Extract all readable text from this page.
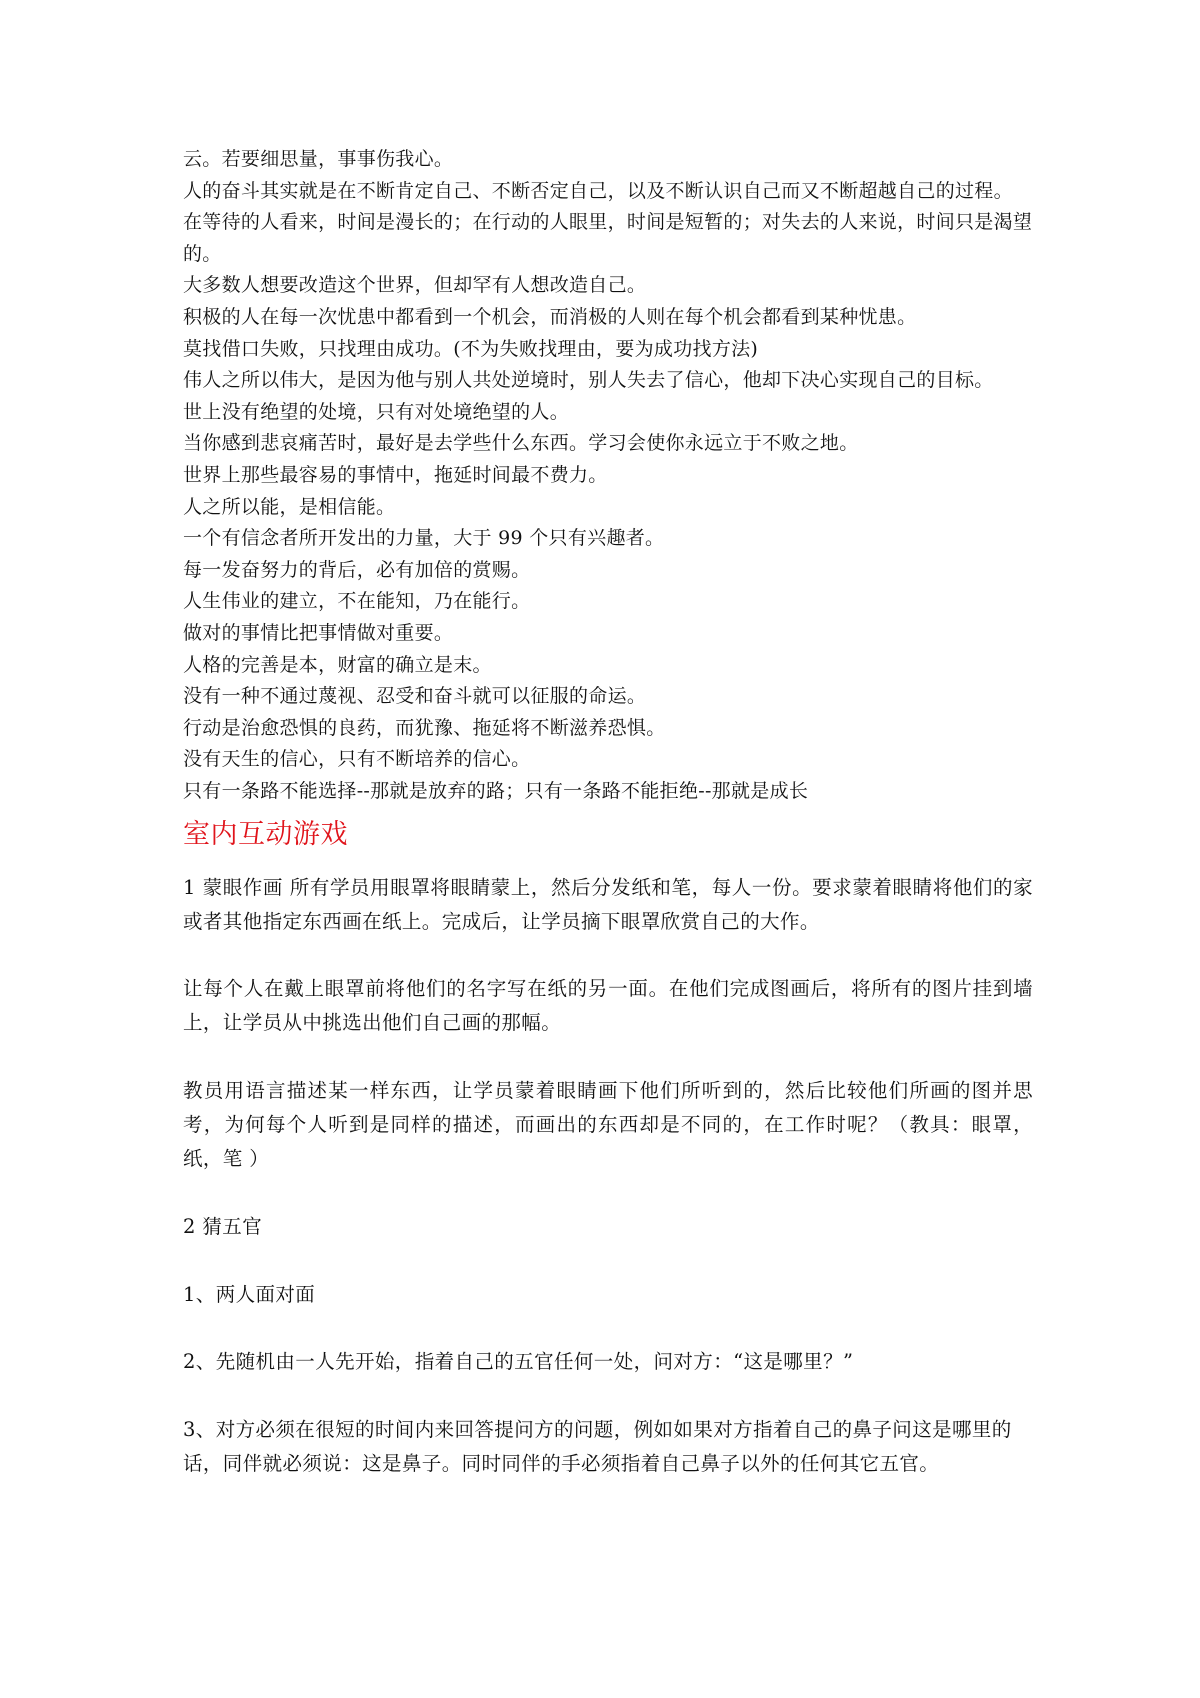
云。若要细思量，事事伤我心。
人的奋斗其实就是在不断肯定自己、不断否定自己，以及不断认识自己而又不断超越自己的过程。
在等待的人看来，时间是漫长的；在行动的人眼里，时间是短暂的；对失去的人来说，时间只是渴望的。
大多数人想要改造这个世界，但却罕有人想改造自己。
积极的人在每一次忧患中都看到一个机会，而消极的人则在每个机会都看到某种忧患。
莫找借口失败，只找理由成功。(不为失败找理由，要为成功找方法)
伟人之所以伟大，是因为他与别人共处逆境时，别人失去了信心，他却下决心实现自己的目标。
世上没有绝望的处境，只有对处境绝望的人。
当你感到悲哀痛苦时，最好是去学些什么东西。学习会使你永远立于不败之地。
世界上那些最容易的事情中，拖延时间最不费力。
人之所以能，是相信能。
一个有信念者所开发出的力量，大于 99 个只有兴趣者。
每一发奋努力的背后，必有加倍的赏赐。
人生伟业的建立，不在能知，乃在能行。
做对的事情比把事情做对重要。
人格的完善是本，财富的确立是末。
没有一种不通过蔑视、忍受和奋斗就可以征服的命运。
行动是治愈恐惧的良药，而犹豫、拖延将不断滋养恐惧。
没有天生的信心，只有不断培养的信心。
只有一条路不能选择--那就是放弃的路；只有一条路不能拒绝--那就是成长
室内互动游戏

1 蒙眼作画 所有学员用眼罩将眼睛蒙上，然后分发纸和笔，每人一份。要求蒙着眼睛将他们的家或者其他指定东西画在纸上。完成后，让学员摘下眼罩欣赏自己的大作。

让每个人在戴上眼罩前将他们的名字写在纸的另一面。在他们完成图画后，将所有的图片挂到墙上，让学员从中挑选出他们自己画的那幅。

教员用语言描述某一样东西，让学员蒙着眼睛画下他们所听到的，然后比较他们所画的图并思考，为何每个人听到是同样的描述，而画出的东西却是不同的，在工作时呢？（教具：眼罩，纸，笔 ）

2 猜五官

1、两人面对面

2、先随机由一人先开始，指着自己的五官任何一处，问对方：“这是哪里？”

3、对方必须在很短的时间内来回答提问方的问题，例如如果对方指着自己的鼻子问这是哪里的话，同伴就必须说：这是鼻子。同时同伴的手必须指着自己鼻子以外的任何其它五官。
